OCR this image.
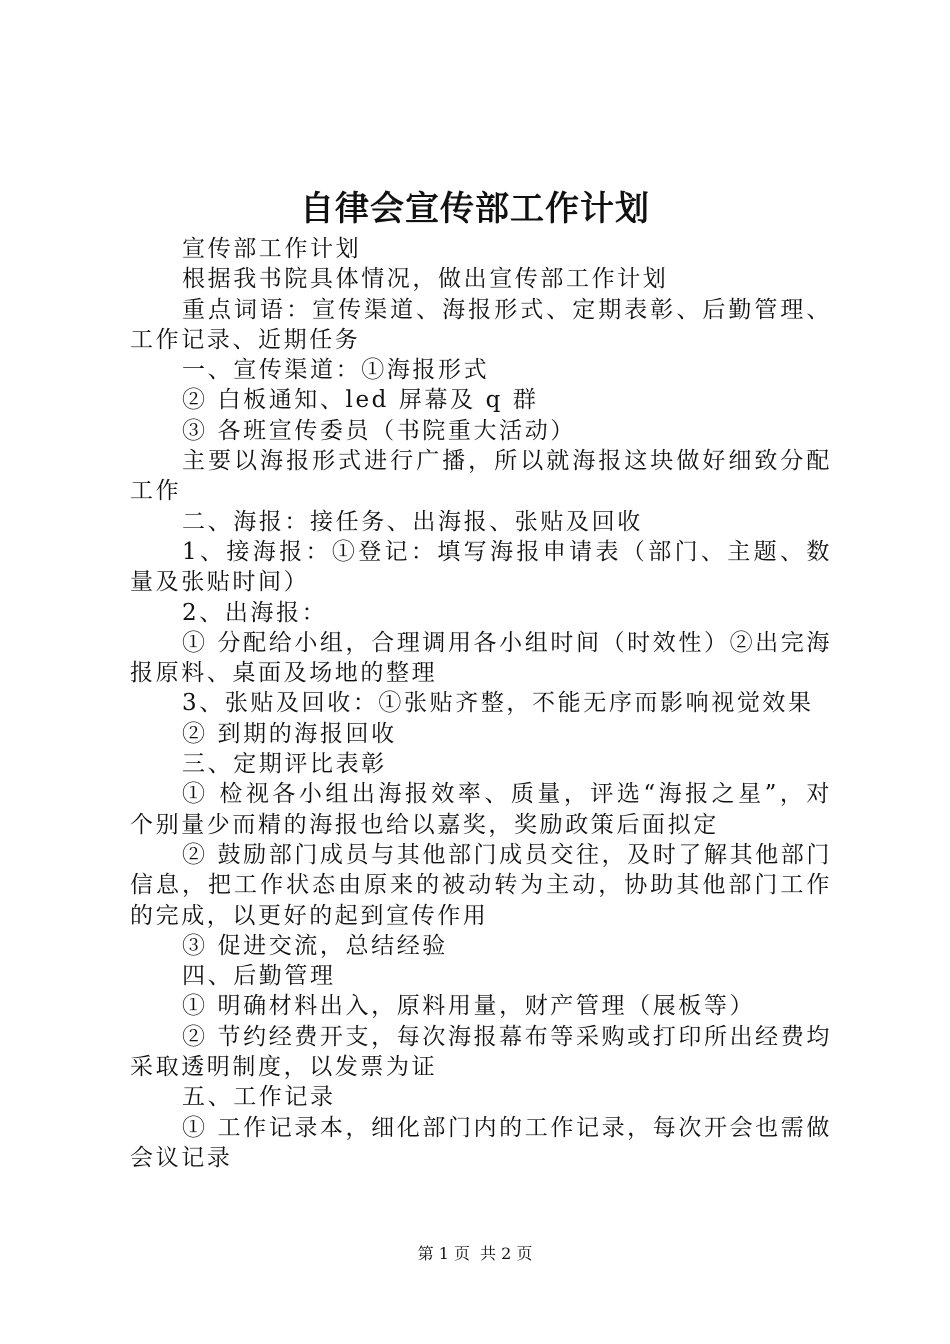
自律会宣传部工作计划

宣传部工作计划

根据我书院具体情况，做出宣传部工作计划

重点词语：宣传渠道、海报形式、定期表彰、后勤管理、工作记录、近期任务

一、宣传渠道：①海报形式

② 白板通知、led 屏幕及 q 群

③ 各班宣传委员（书院重大活动）

主要以海报形式进行广播，所以就海报这块做好细致分配工作

二、海报：接任务、出海报、张贴及回收

1、接海报：①登记：填写海报申请表（部门、主题、数量及张贴时间）

2、出海报：

① 分配给小组，合理调用各小组时间（时效性）②出完海报原料、桌面及场地的整理

3、张贴及回收：①张贴齐整，不能无序而影响视觉效果

② 到期的海报回收

三、定期评比表彰

① 检视各小组出海报效率、质量，评选“海报之星”，对个别量少而精的海报也给以嘉奖，奖励政策后面拟定

② 鼓励部门成员与其他部门成员交往，及时了解其他部门信息，把工作状态由原来的被动转为主动，协助其他部门工作的完成，以更好的起到宣传作用

③ 促进交流，总结经验

四、后勤管理

① 明确材料出入，原料用量，财产管理（展板等）

② 节约经费开支，每次海报幕布等采购或打印所出经费均采取透明制度，以发票为证

五、工作记录

① 工作记录本，细化部门内的工作记录，每次开会也需做会议记录

第 1 页 共 2 页
